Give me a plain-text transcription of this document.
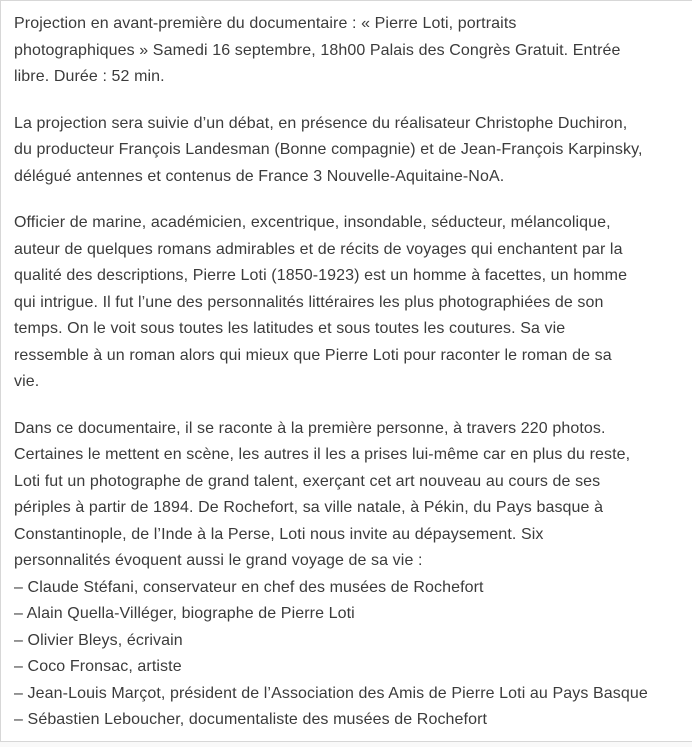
Projection en avant-première du documentaire : « Pierre Loti, portraits
photographiques » Samedi 16 septembre, 18h00 Palais des Congrès Gratuit. Entrée
libre. Durée : 52 min.

La projection sera suivie d’un débat, en présence du réalisateur Christophe Duchiron,
du producteur François Landesman (Bonne compagnie) et de Jean-François Karpinsky,
délégué antennes et contenus de France 3 Nouvelle-Aquitaine-NoA.

Officier de marine, académicien, excentrique, insondable, séducteur, mélancolique,
auteur de quelques romans admirables et de récits de voyages qui enchantent par la
qualité des descriptions, Pierre Loti (1850-1923) est un homme à facettes, un homme
qui intrigue. Il fut l’une des personnalités littéraires les plus photographiées de son
temps. On le voit sous toutes les latitudes et sous toutes les coutures. Sa vie
ressemble à un roman alors qui mieux que Pierre Loti pour raconter le roman de sa
vie.

Dans ce documentaire, il se raconte à la première personne, à travers 220 photos.
Certaines le mettent en scène, les autres il les a prises lui-même car en plus du reste,
Loti fut un photographe de grand talent, exerçant cet art nouveau au cours de ses
périples à partir de 1894. De Rochefort, sa ville natale, à Pékin, du Pays basque à
Constantinople, de l’Inde à la Perse, Loti nous invite au dépaysement. Six
personnalités évoquent aussi le grand voyage de sa vie :
– Claude Stéfani, conservateur en chef des musées de Rochefort
– Alain Quella-Villéger, biographe de Pierre Loti
– Olivier Bleys, écrivain
– Coco Fronsac, artiste
– Jean-Louis Marçot, président de l’Association des Amis de Pierre Loti au Pays Basque
– Sébastien Leboucher, documentaliste des musées de Rochefort
